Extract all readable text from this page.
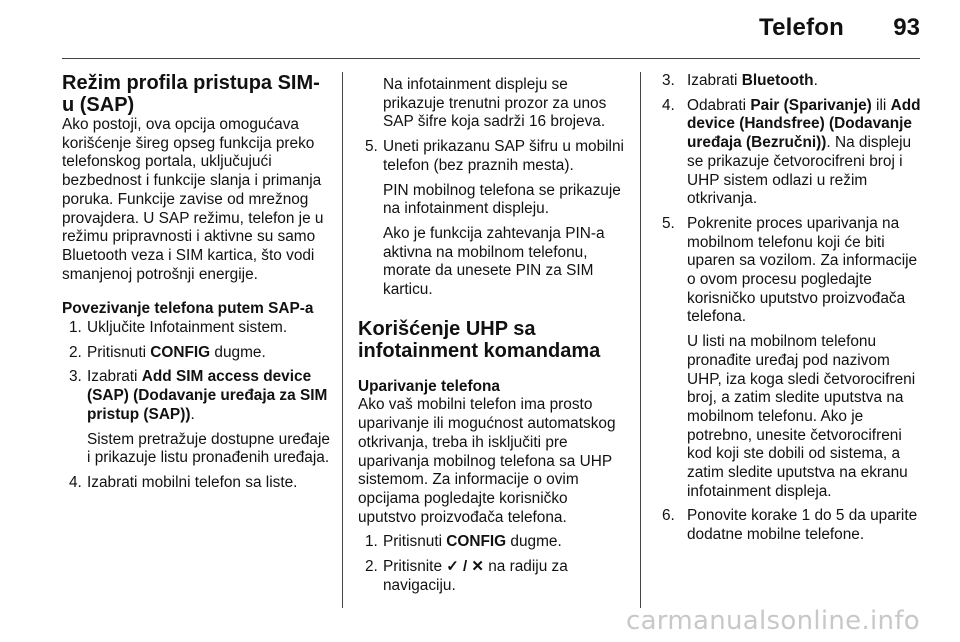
Telefon 93
Režim profila pristupa SIM-u (SAP)

Ako postoji, ova opcija omogućava korišćenje šireg opseg funkcija preko telefonskog portala, uključujući bezbednost i funkcije slanja i primanja poruka. Funkcije zavise od mrežnog provajdera. U SAP režimu, telefon je u režimu pripravnosti i aktivne su samo Bluetooth veza i SIM kartica, što vodi smanjenoj potrošnji energije.

Povezivanje telefona putem SAP-a
1. Uključite Infotainment sistem.
2. Pritisnuti CONFIG dugme.
3. Izabrati Add SIM access device (SAP) (Dodavanje uređaja za SIM pristup (SAP)).

Sistem pretražuje dostupne uređaje i prikazuje listu pronađenih uređaja.

4. Izabrati mobilni telefon sa liste.

Na infotainment displeju se prikazuje trenutni prozor za unos SAP šifre koja sadrži 16 brojeva.

5. Uneti prikazanu SAP šifru u mobilni telefon (bez praznih mesta).

PIN mobilnog telefona se prikazuje na infotainment displeju.

Ako je funkcija zahtevanja PIN-a aktivna na mobilnom telefonu, morate da unesete PIN za SIM karticu.

Korišćenje UHP sa infotainment komandama
Uparivanje telefona

Ako vaš mobilni telefon ima prosto uparivanje ili mogućnost automatskog otkrivanja, treba ih isključiti pre uparivanja mobilnog telefona sa UHP sistemom. Za informacije o ovim opcijama pogledajte korisničko uputstvo proizvođača telefona.

1. Pritisnuti CONFIG dugme.
2. Pritisnite ✓ / ✕ na radiju za navigaciju.
3. Izabrati Bluetooth.
4. Odabrati Pair (Sparivanje) ili Add device (Handsfree) (Dodavanje uređaja (Bezručni)). Na displeju se prikazuje četvorocifreni broj i UHP sistem odlazi u režim otkrivanja.
5. Pokrenite proces uparivanja na mobilnom telefonu koji će biti uparen sa vozilom. Za informacije o ovom procesu pogledajte korisničko uputstvo proizvođača telefona.

U listi na mobilnom telefonu pronađite uređaj pod nazivom UHP, iza koga sledi četvorocifreni broj, a zatim sledite uputstva na mobilnom telefonu. Ako je potrebno, unesite četvorocifreni kod koji ste dobili od sistema, a zatim sledite uputstva na ekranu infotainment displeja.

6. Ponovite korake 1 do 5 da uparite dodatne mobilne telefone.
carmanualsonline.info
